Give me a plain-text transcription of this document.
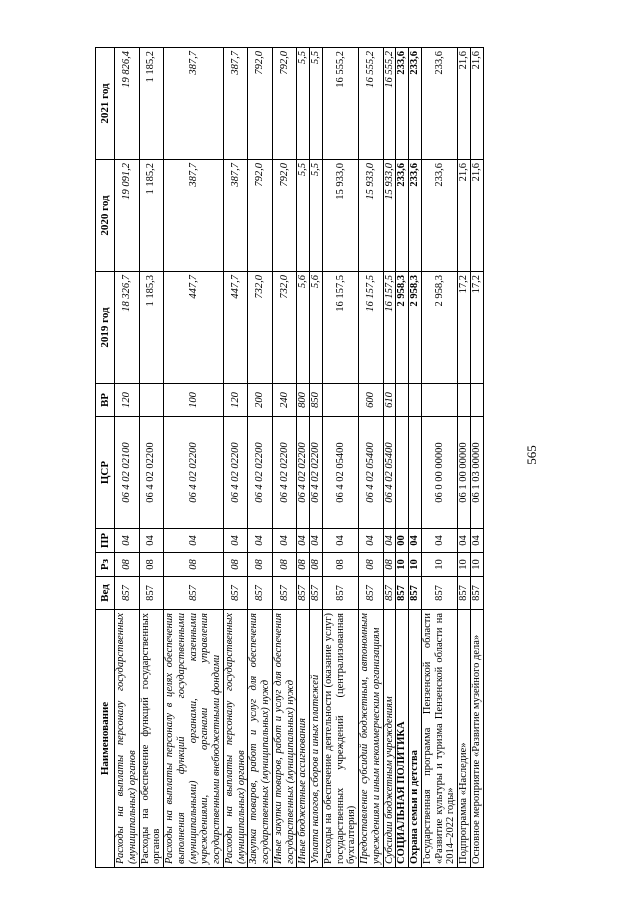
565
Наименование	Вед	Рз	ПР	ЦСР	ВР	2019 год	2020 год	2021 год
Расходы на выплаты персоналу государственных (муниципальных) органов	857	08	04	06 4 02 02100	120	18 326,7	19 091,2	19 826,4
Расходы на обеспечение функций государственных органов	857	08	04	06 4 02 02200		1 185,3	1 185,2	1 185,2
Расходы на выплаты персоналу в целях обеспечения выполнения функций государственными (муниципальными) органами, казенными учреждениями, органами управления государственными внебюджетными фондами	857	08	04	06 4 02 02200	100	447,7	387,7	387,7
Расходы на выплаты персоналу государственных (муниципальных) органов	857	08	04	06 4 02 02200	120	447,7	387,7	387,7
Закупка товаров, работ и услуг для обеспечения государственных (муниципальных) нужд	857	08	04	06 4 02 02200	200	732,0	792,0	792,0
Иные закупки товаров, работ и услуг для обеспечения государственных (муниципальных) нужд	857	08	04	06 4 02 02200	240	732,0	792,0	792,0
Иные бюджетные ассигнования	857	08	04	06 4 02 02200	800	5,6	5,5	5,5
Уплата налогов, сборов и иных платежей	857	08	04	06 4 02 02200	850	5,6	5,5	5,5
Расходы на обеспечение деятельности (оказание услуг) государственных учреждений (централизованная бухгалтерия)	857	08	04	06 4 02 05400		16 157,5	15 933,0	16 555,2
Предоставление субсидий бюджетным, автономным учреждениям и иным некоммерческим организациям	857	08	04	06 4 02 05400	600	16 157,5	15 933,0	16 555,2
Субсидии бюджетным учреждениям	857	08	04	06 4 02 05400	610	16 157,5	15 933,0	16 555,2
СОЦИАЛЬНАЯ ПОЛИТИКА	857	10	00			2 958,3	233,6	233,6
Охрана семьи и детства	857	10	04			2 958,3	233,6	233,6
Государственная программа Пензенской области «Развитие культуры и туризма Пензенской области на 2014–2022 годы»	857	10	04	06 0 00 00000		2 958,3	233,6	233,6
Подпрограмма «Наследие»	857	10	04	06 1 00 00000		17,2	21,6	21,6
Основное мероприятие «Развитие музейного дела»	857	10	04	06 1 03 00000		17,2	21,6	21,6
